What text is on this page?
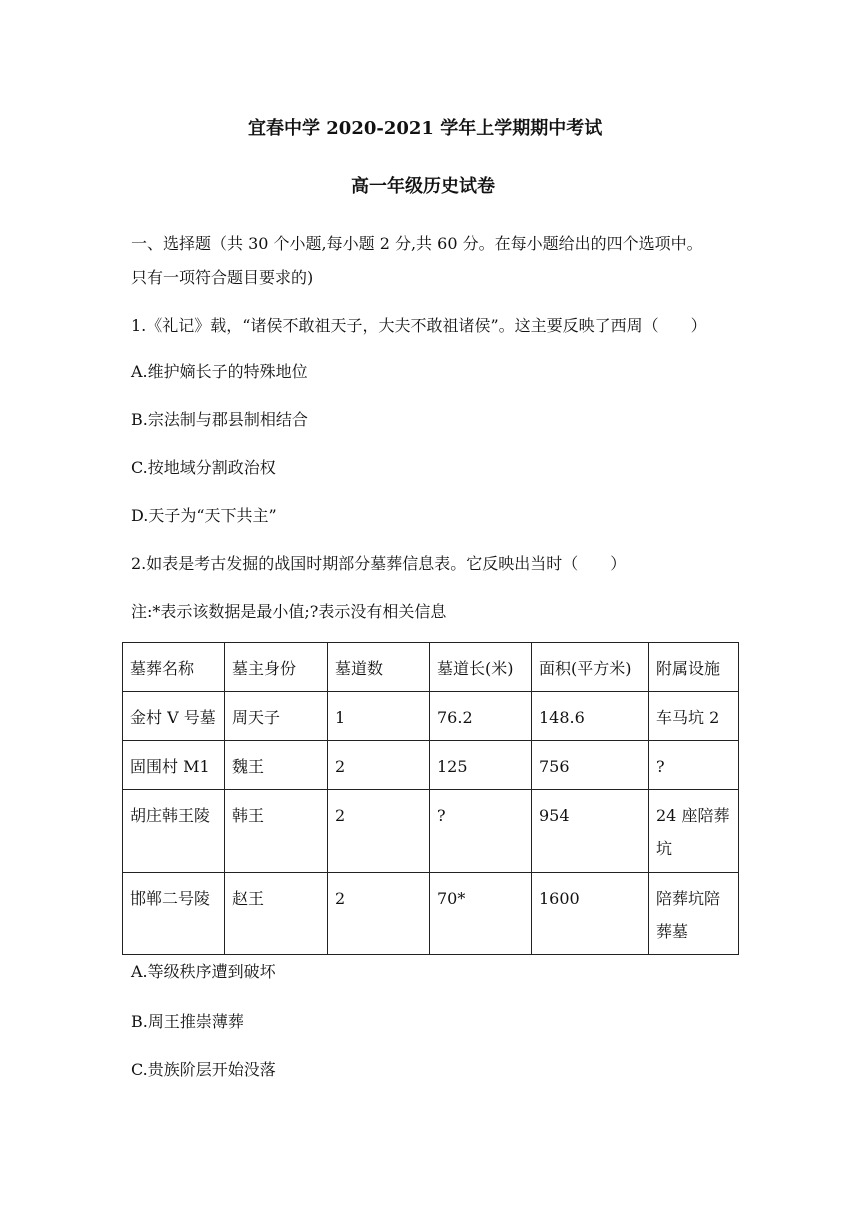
宜春中学 2020-2021 学年上学期期中考试
高一年级历史试卷
一、选择题（共 30 个小题,每小题 2 分,共 60 分。在每小题给出的四个选项中。
只有一项符合题目要求的)
1.《礼记》载，“诸侯不敢祖天子，大夫不敢祖诸侯”。这主要反映了西周（　　）
A.维护嫡长子的特殊地位
B.宗法制与郡县制相结合
C.按地域分割政治权
D.天子为“天下共主”
2.如表是考古发掘的战国时期部分墓葬信息表。它反映出当时（　　）
注:*表示该数据是最小值;?表示没有相关信息
墓葬名称	墓主身份	墓道数	墓道长(米)	面积(平方米)	附属设施
金村 V 号墓	周天子	1	76.2	148.6	车马坑 2
固围村 M1	魏王	2	125	756	?
胡庄韩王陵	韩王	2	?	954	24 座陪葬坑
邯郸二号陵	赵王	2	70*	1600	陪葬坑陪葬墓
A.等级秩序遭到破坏
B.周王推崇薄葬
C.贵族阶层开始没落
